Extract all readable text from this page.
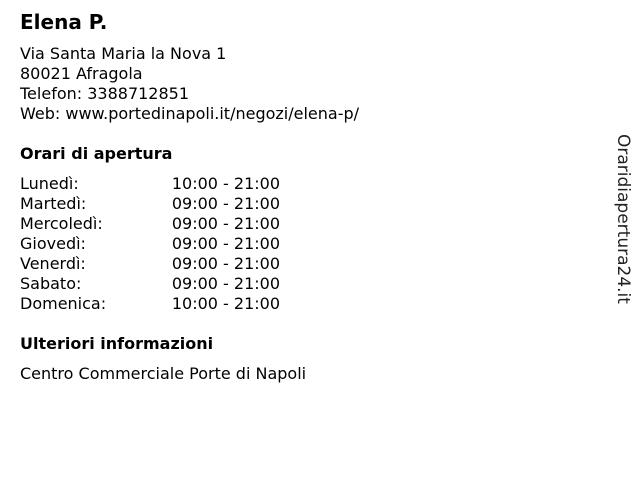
Elena P.
Via Santa Maria la Nova 1
80021 Afragola
Telefon: 3388712851
Web: www.portedinapoli.it/negozi/elena-p/
Orari di apertura
Lunedì:	10:00 - 21:00
Martedì:	09:00 - 21:00
Mercoledì:	09:00 - 21:00
Giovedì:	09:00 - 21:00
Venerdì:	09:00 - 21:00
Sabato:	09:00 - 21:00
Domenica:	10:00 - 21:00
Ulteriori informazioni
Centro Commerciale Porte di Napoli
Oraridiapertura24.it
